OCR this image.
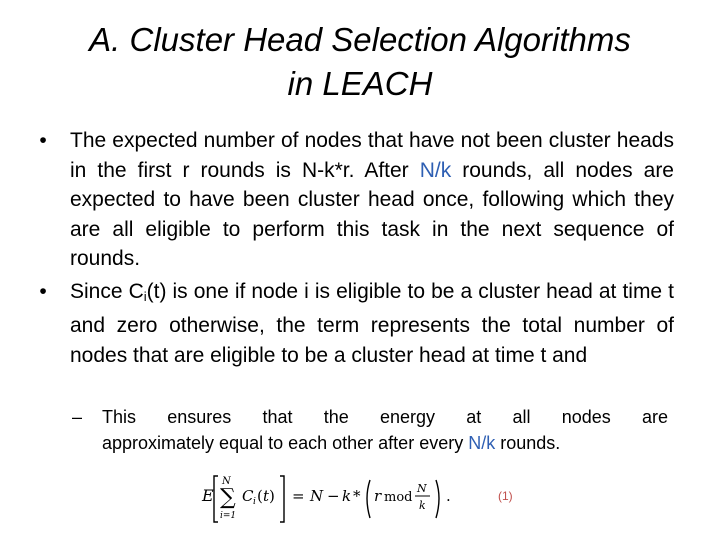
A. Cluster Head Selection Algorithms
in LEACH

•	The expected number of nodes that have not been cluster heads in the first r rounds is N-k*r. After N/k rounds, all nodes are expected to have been cluster head once, following which they are all eligible to perform this task in the next sequence of rounds.

•	Since Ci(t) is one if node i is eligible to be a cluster head at time t and zero otherwise, the term represents the total number of nodes that are eligible to be a cluster head at time t and

–	This ensures that the energy at all nodes are
approximately equal to each other after every N/k rounds.
E
N
∑
i=1
C i ( t ) = N − k * r mod
N
k
.	(1)
